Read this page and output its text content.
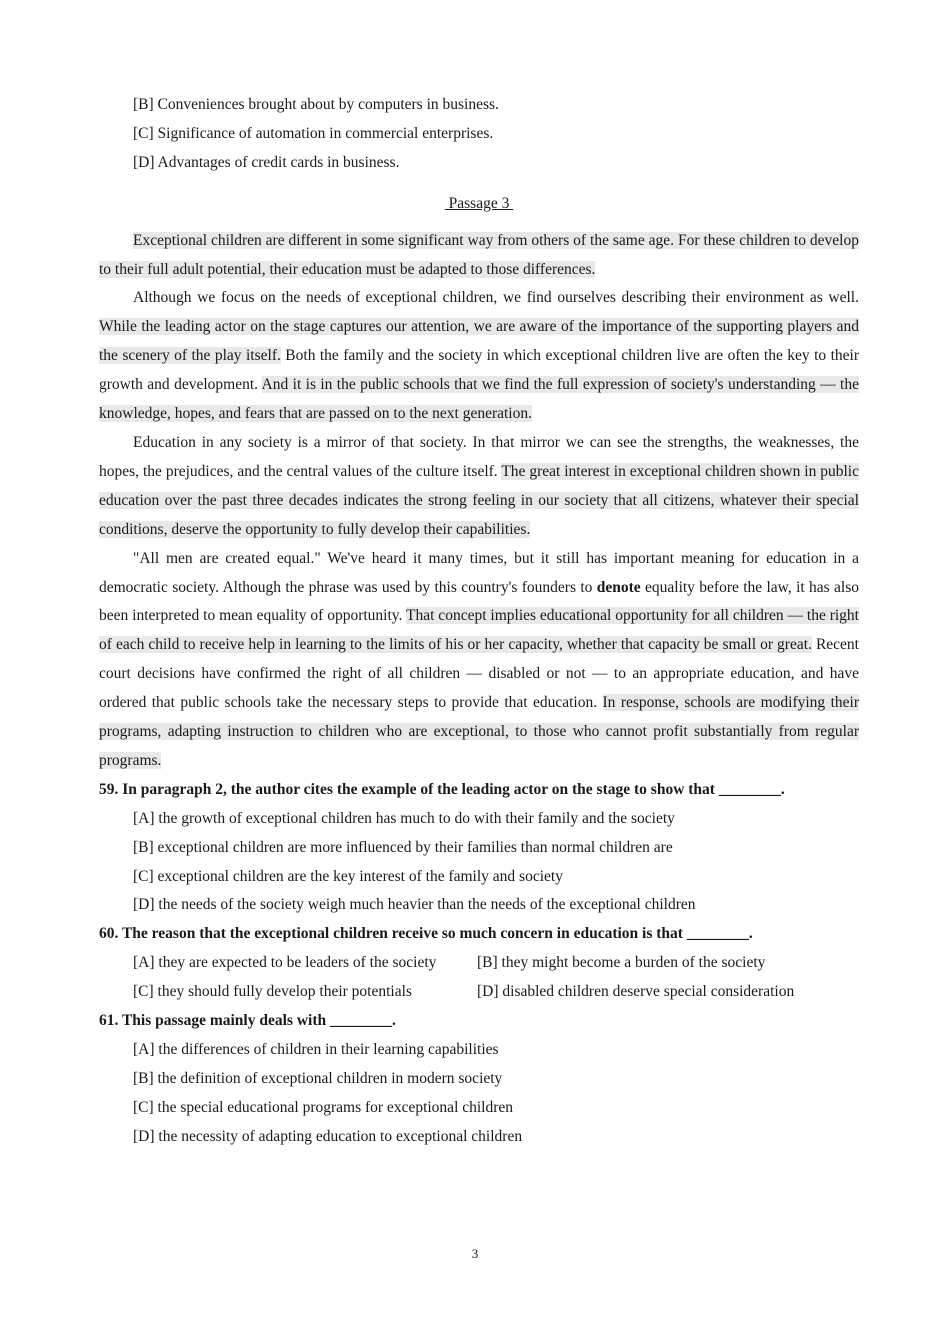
[B] Conveniences brought about by computers in business.
[C] Significance of automation in commercial enterprises.
[D] Advantages of credit cards in business.
Passage 3

Exceptional children are different in some significant way from others of the same age. For these children to develop to their full adult potential, their education must be adapted to those differences.

Although we focus on the needs of exceptional children, we find ourselves describing their environment as well. While the leading actor on the stage captures our attention, we are aware of the importance of the supporting players and the scenery of the play itself. Both the family and the society in which exceptional children live are often the key to their growth and development. And it is in the public schools that we find the full expression of society's understanding — the knowledge, hopes, and fears that are passed on to the next generation.

Education in any society is a mirror of that society. In that mirror we can see the strengths, the weaknesses, the hopes, the prejudices, and the central values of the culture itself. The great interest in exceptional children shown in public education over the past three decades indicates the strong feeling in our society that all citizens, whatever their special conditions, deserve the opportunity to fully develop their capabilities.

"All men are created equal." We've heard it many times, but it still has important meaning for education in a democratic society. Although the phrase was used by this country's founders to denote equality before the law, it has also been interpreted to mean equality of opportunity. That concept implies educational opportunity for all children — the right of each child to receive help in learning to the limits of his or her capacity, whether that capacity be small or great. Recent court decisions have confirmed the right of all children — disabled or not — to an appropriate education, and have ordered that public schools take the necessary steps to provide that education. In response, schools are modifying their programs, adapting instruction to children who are exceptional, to those who cannot profit substantially from regular programs.

59. In paragraph 2, the author cites the example of the leading actor on the stage to show that ________.
[A] the growth of exceptional children has much to do with their family and the society
[B] exceptional children are more influenced by their families than normal children are
[C] exceptional children are the key interest of the family and society
[D] the needs of the society weigh much heavier than the needs of the exceptional children
60. The reason that the exceptional children receive so much concern in education is that ________.
[A] they are expected to be leaders of the society	[B] they might become a burden of the society
[C] they should fully develop their potentials	[D] disabled children deserve special consideration
61. This passage mainly deals with ________.
[A] the differences of children in their learning capabilities
[B] the definition of exceptional children in modern society
[C] the special educational programs for exceptional children
[D] the necessity of adapting education to exceptional children
3
